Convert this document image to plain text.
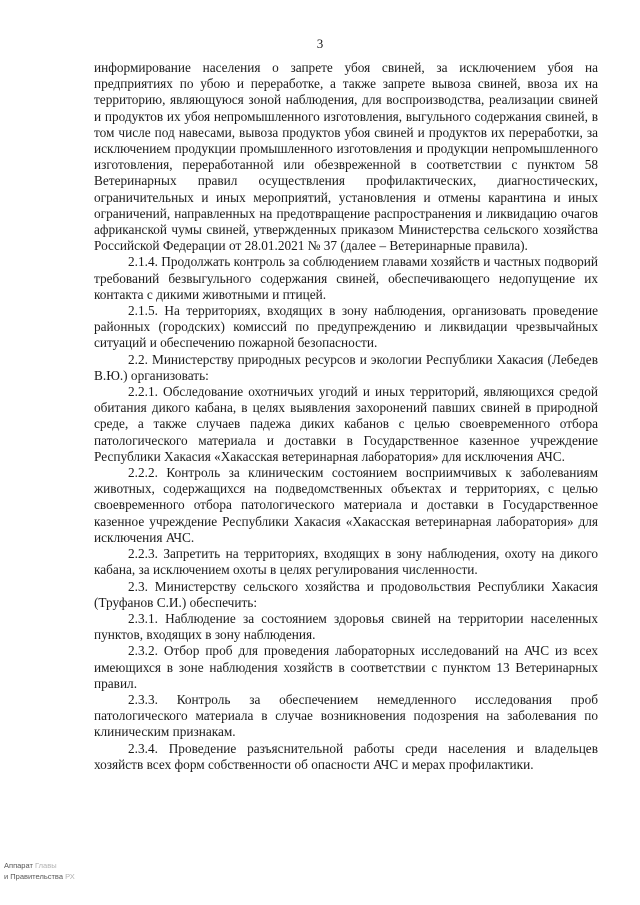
3

информирование населения о запрете убоя свиней, за исключением убоя на предприятиях по убою и переработке, а также запрете вывоза свиней, ввоза их на территорию, являющуюся зоной наблюдения, для воспроизводства, реализации свиней и продуктов их убоя непромышленного изготовления, выгульного содержания свиней, в том числе под навесами, вывоза продуктов убоя свиней и продуктов их переработки, за исключением продукции промышленного изготовления и продукции непромышленного изготовления, переработанной или обезвреженной в соответствии с пунктом 58 Ветеринарных правил осуществления профилактических, диагностических, ограничительных и иных мероприятий, установления и отмены карантина и иных ограничений, направленных на предотвращение распространения и ликвидацию очагов африканской чумы свиней, утвержденных приказом Министерства сельского хозяйства Российской Федерации от 28.01.2021 № 37 (далее – Ветеринарные правила).

2.1.4. Продолжать контроль за соблюдением главами хозяйств и частных подворий требований безвыгульного содержания свиней, обеспечивающего недопущение их контакта с дикими животными и птицей.

2.1.5. На территориях, входящих в зону наблюдения, организовать проведение районных (городских) комиссий по предупреждению и ликвидации чрезвычайных ситуаций и обеспечению пожарной безопасности.

2.2. Министерству природных ресурсов и экологии Республики Хакасия (Лебедев В.Ю.) организовать:

2.2.1. Обследование охотничьих угодий и иных территорий, являющихся средой обитания дикого кабана, в целях выявления захоронений павших свиней в природной среде, а также случаев падежа диких кабанов с целью своевременного отбора патологического материала и доставки в Государственное казенное учреждение Республики Хакасия «Хакасская ветеринарная лаборатория» для исключения АЧС.

2.2.2. Контроль за клиническим состоянием восприимчивых к заболеваниям животных, содержащихся на подведомственных объектах и территориях, с целью своевременного отбора патологического материала и доставки в Государственное казенное учреждение Республики Хакасия «Хакасская ветеринарная лаборатория» для исключения АЧС.

2.2.3. Запретить на территориях, входящих в зону наблюдения, охоту на дикого кабана, за исключением охоты в целях регулирования численности.

2.3. Министерству сельского хозяйства и продовольствия Республики Хакасия (Труфанов С.И.) обеспечить:

2.3.1. Наблюдение за состоянием здоровья свиней на территории населенных пунктов, входящих в зону наблюдения.

2.3.2. Отбор проб для проведения лабораторных исследований на АЧС из всех имеющихся в зоне наблюдения хозяйств в соответствии с пунктом 13 Ветеринарных правил.

2.3.3. Контроль за обеспечением немедленного исследования проб патологического материала в случае возникновения подозрения на заболевания по клиническим признакам.

2.3.4. Проведение разъяснительной работы среди населения и владельцев хозяйств всех форм собственности об опасности АЧС и мерах профилактики.

Аппарат Главы
и Правительства РХ
